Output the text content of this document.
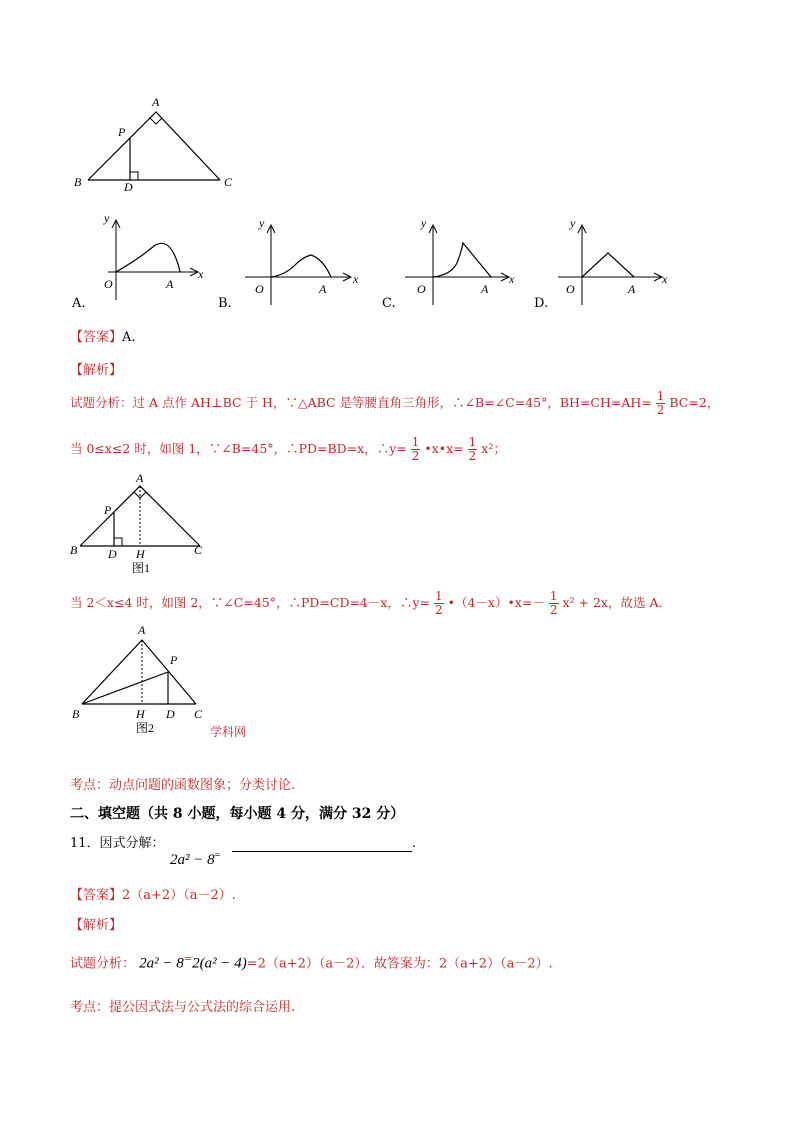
A
P
B	D	C
y
O	A
x
y
O	A
x
y
O	A
x
y
O	A
x
A.	B.	C.	D.
【答案】A.
【解析】
试题分析：过 A 点作 AH⊥BC 于 H，∵△ABC 是等腰直角三角形，∴∠B=∠C=45°，$BH=CH=AH= \frac{1}{2} BC=2$，
当 0≤x≤2 时，如图 1，∵∠B=45°，∴PD=BD=x，∴y= $\frac{1}{2}$ •x•x= $\frac{1}{2} x^2$；
A
P
B	D H	C
图1
当 2＜x≤4 时，如图 2，∵∠C=45°，∴PD=CD=4－x，∴y= $\frac{1}{2}$ •（4－x）•x=－ $\frac{1}{2} x^2 + 2x$，故选 A.
A
P
B	H D C
图2	学科网
考点：动点问题的函数图象；分类讨论.
二、填空题（共 8 小题，每小题 4 分，满分 32 分）
11．因式分解：
2a² − 8=
.
【答案】2（a+2）（a－2）.
【解析】
试题分析： 2a² − 8=2(a² − 4)=2（a+2）（a－2）．故答案为：2（a+2）（a－2）.
考点：提公因式法与公式法的综合运用.
